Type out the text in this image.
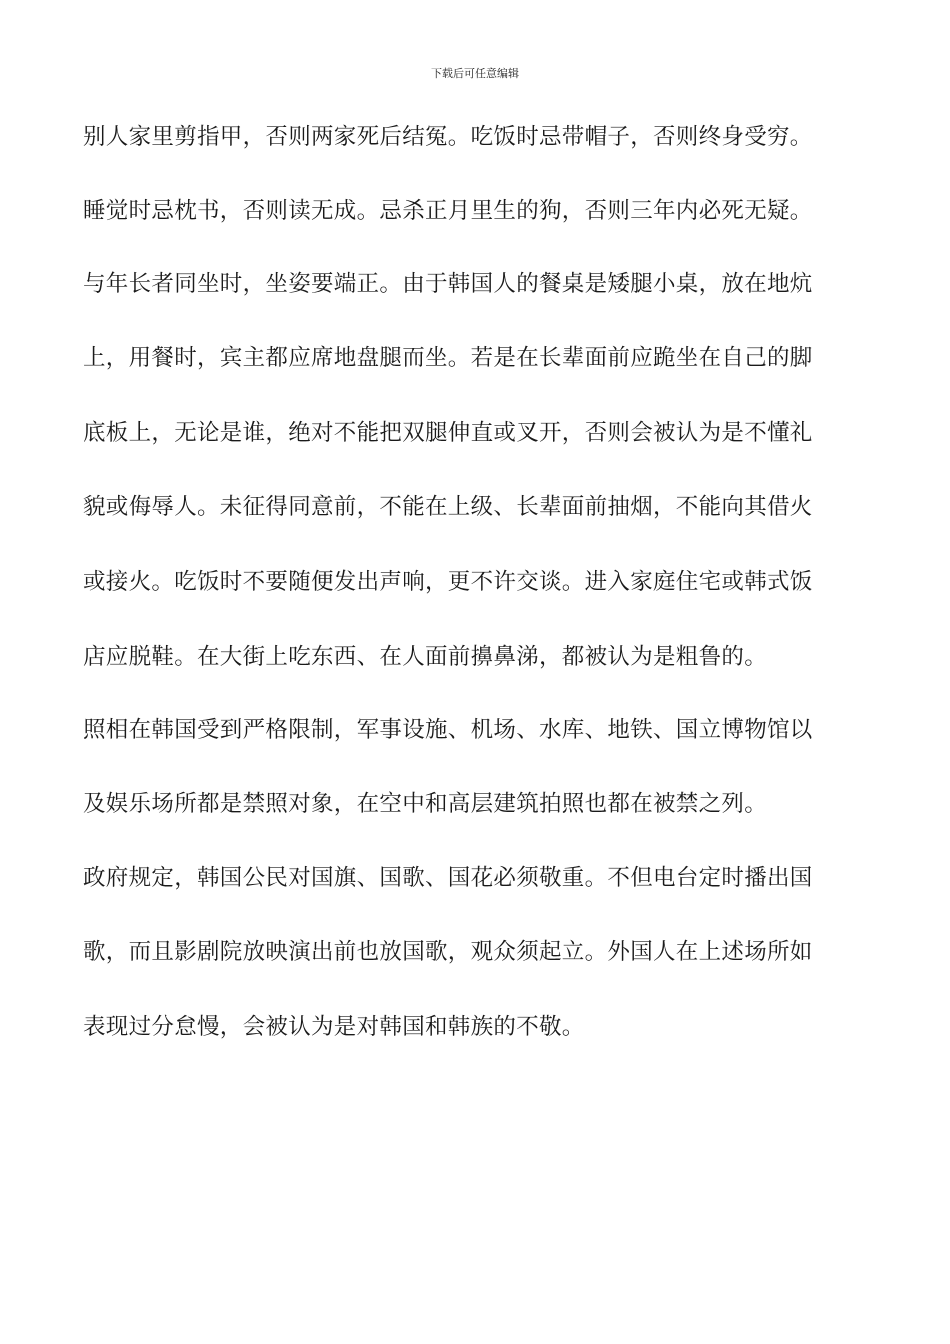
下载后可任意编辑
别人家里剪指甲，否则两家死后结冤。吃饭时忌带帽子，否则终身受穷。
睡觉时忌枕书，否则读无成。忌杀正月里生的狗，否则三年内必死无疑。
与年长者同坐时，坐姿要端正。由于韩国人的餐桌是矮腿小桌，放在地炕
上，用餐时，宾主都应席地盘腿而坐。若是在长辈面前应跪坐在自己的脚
底板上，无论是谁，绝对不能把双腿伸直或叉开，否则会被认为是不懂礼
貌或侮辱人。未征得同意前，不能在上级、长辈面前抽烟，不能向其借火
或接火。吃饭时不要随便发出声响，更不许交谈。进入家庭住宅或韩式饭
店应脱鞋。在大街上吃东西、在人面前擤鼻涕，都被认为是粗鲁的。
照相在韩国受到严格限制，军事设施、机场、水库、地铁、国立博物馆以
及娱乐场所都是禁照对象，在空中和高层建筑拍照也都在被禁之列。
政府规定，韩国公民对国旗、国歌、国花必须敬重。不但电台定时播出国
歌，而且影剧院放映演出前也放国歌，观众须起立。外国人在上述场所如
表现过分怠慢，会被认为是对韩国和韩族的不敬。
